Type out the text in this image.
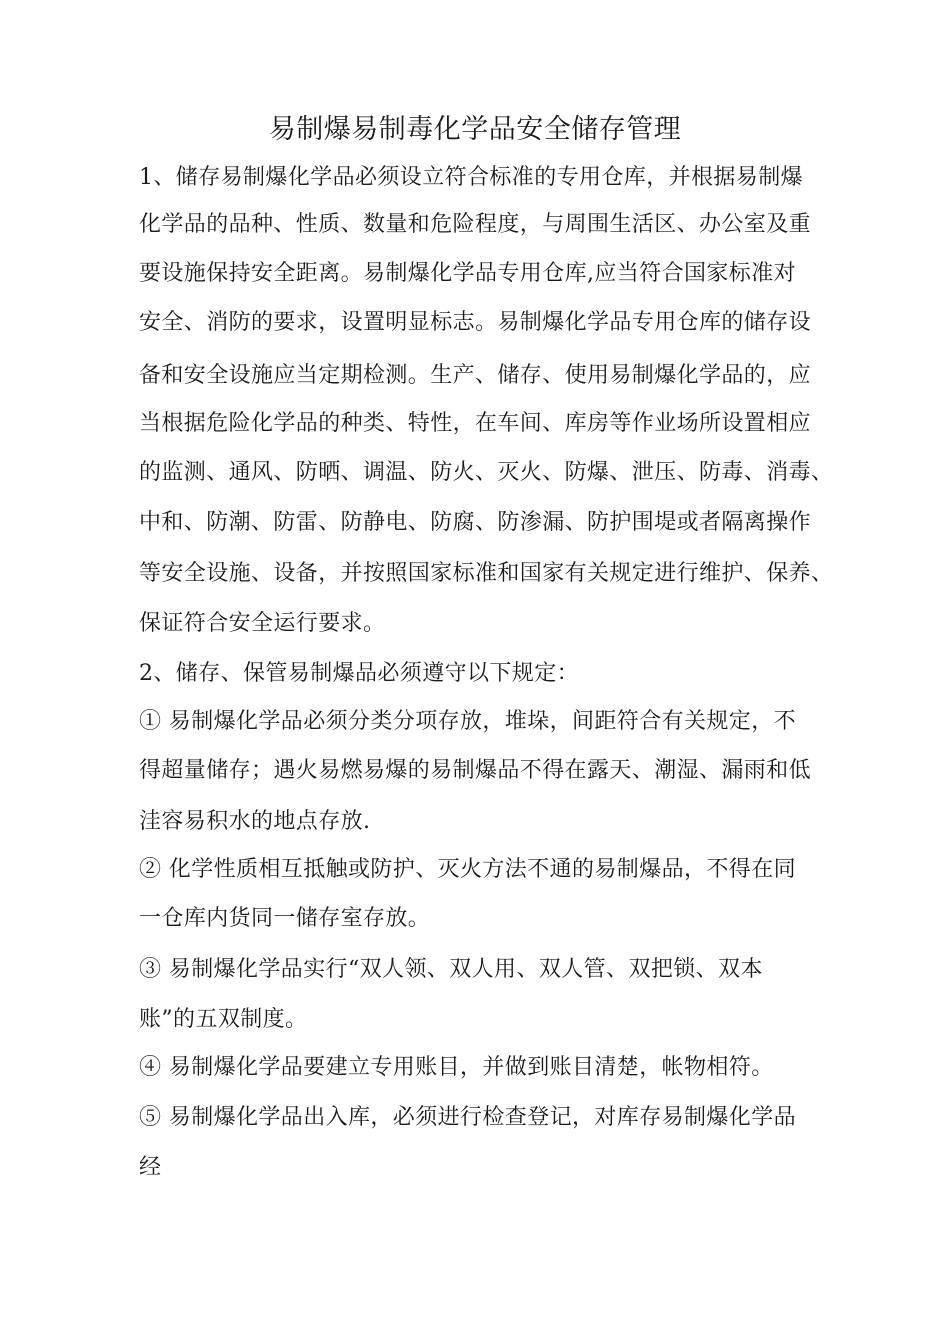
易制爆易制毒化学品安全储存管理
1、储存易制爆化学品必须设立符合标准的专用仓库，并根据易制爆
化学品的品种、性质、数量和危险程度，与周围生活区、办公室及重
要设施保持安全距离。易制爆化学品专用仓库,应当符合国家标准对
安全、消防的要求，设置明显标志。易制爆化学品专用仓库的储存设
备和安全设施应当定期检测。生产、储存、使用易制爆化学品的，应
当根据危险化学品的种类、特性，在车间、库房等作业场所设置相应
的监测、通风、防晒、调温、防火、灭火、防爆、泄压、防毒、消毒、
中和、防潮、防雷、防静电、防腐、防渗漏、防护围堤或者隔离操作
等安全设施、设备，并按照国家标准和国家有关规定进行维护、保养、
保证符合安全运行要求。
2、储存、保管易制爆品必须遵守以下规定：
① 易制爆化学品必须分类分项存放，堆垛，间距符合有关规定，不
得超量储存；遇火易燃易爆的易制爆品不得在露天、潮湿、漏雨和低
洼容易积水的地点存放.
② 化学性质相互抵触或防护、灭火方法不通的易制爆品，不得在同
一仓库内货同一储存室存放。
③ 易制爆化学品实行“双人领、双人用、双人管、双把锁、双本
账”的五双制度。
④ 易制爆化学品要建立专用账目，并做到账目清楚，帐物相符。
⑤ 易制爆化学品出入库，必须进行检查登记，对库存易制爆化学品
经
